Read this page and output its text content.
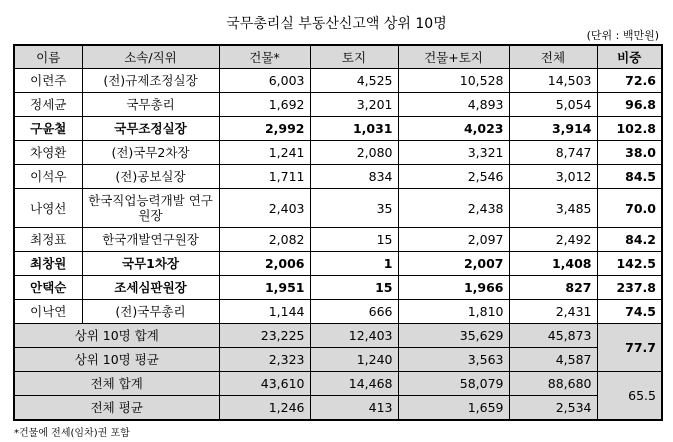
국무총리실 부동산신고액 상위 10명
(단위 : 백만원)
이름	소속/직위	건물*	토지	건물+토지	전체	비중
이련주	(전)규제조정실장	6,003	4,525	10,528	14,503	72.6
정세균	국무총리	1,692	3,201	4,893	5,054	96.8
구윤철	국무조정실장	2,992	1,031	4,023	3,914	102.8
차영환	(전)국무2차장	1,241	2,080	3,321	8,747	38.0
이석우	(전)공보실장	1,711	834	2,546	3,012	84.5
나영선	한국직업능력개발 연구원장	2,403	35	2,438	3,485	70.0
최정표	한국개발연구원장	2,082	15	2,097	2,492	84.2
최창원	국무1차장	2,006	1	2,007	1,408	142.5
안택순	조세심판원장	1,951	15	1,966	827	237.8
이낙연	(전)국무총리	1,144	666	1,810	2,431	74.5
상위 10명 합계		23,225	12,403	35,629	45,873	77.7
상위 10명 평균		2,323	1,240	3,563	4,587	
전체 합계		43,610	14,468	58,079	88,680	65.5
전체 평균		1,246	413	1,659	2,534	
*건물에 전세(임차)권 포함
